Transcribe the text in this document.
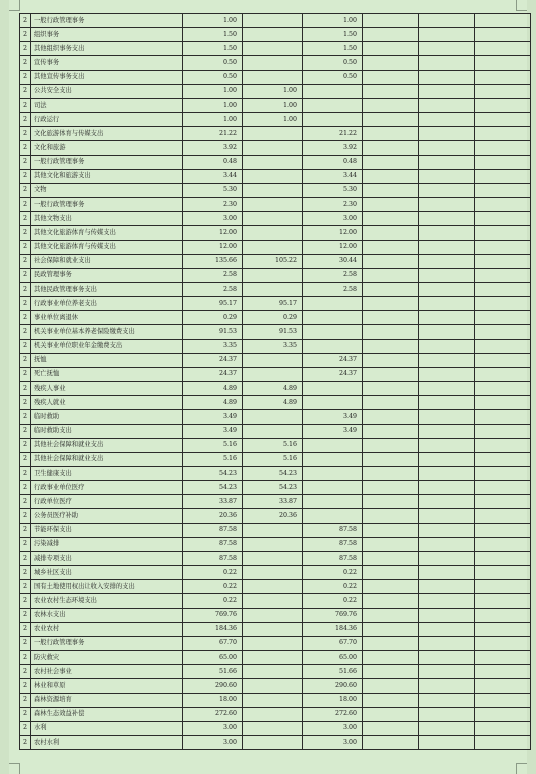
2	一般行政管理事务	1.00		1.00			
2	组织事务	1.50		1.50			
2	其他组织事务支出	1.50		1.50			
2	宣传事务	0.50		0.50			
2	其他宣传事务支出	0.50		0.50			
2	公共安全支出	1.00	1.00				
2	司法	1.00	1.00				
2	行政运行	1.00	1.00				
2	文化旅游体育与传媒支出	21.22		21.22			
2	文化和旅游	3.92		3.92			
2	一般行政管理事务	0.48		0.48			
2	其他文化和旅游支出	3.44		3.44			
2	文物	5.30		5.30			
2	一般行政管理事务	2.30		2.30			
2	其他文物支出	3.00		3.00			
2	其他文化旅游体育与传媒支出	12.00		12.00			
2	其他文化旅游体育与传媒支出	12.00		12.00			
2	社会保障和就业支出	135.66	105.22	30.44			
2	民政管理事务	2.58		2.58			
2	其他民政管理事务支出	2.58		2.58			
2	行政事业单位养老支出	95.17	95.17				
2	事业单位离退休	0.29	0.29				
2	机关事业单位基本养老保险缴费支出	91.53	91.53				
2	机关事业单位职业年金缴费支出	3.35	3.35				
2	抚恤	24.37		24.37			
2	死亡抚恤	24.37		24.37			
2	残疾人事业	4.89	4.89				
2	残疾人就业	4.89	4.89				
2	临时救助	3.49		3.49			
2	临时救助支出	3.49		3.49			
2	其他社会保障和就业支出	5.16	5.16				
2	其他社会保障和就业支出	5.16	5.16				
2	卫生健康支出	54.23	54.23				
2	行政事业单位医疗	54.23	54.23				
2	行政单位医疗	33.87	33.87				
2	公务员医疗补助	20.36	20.36				
2	节能环保支出	87.58		87.58			
2	污染减排	87.58		87.58			
2	减排专项支出	87.58		87.58			
2	城乡社区支出	0.22		0.22			
2	国有土地使用权出让收入安排的支出	0.22		0.22			
2	农业农村生态环境支出	0.22		0.22			
2	农林水支出	769.76		769.76			
2	农业农村	184.36		184.36			
2	一般行政管理事务	67.70		67.70			
2	防灾救灾	65.00		65.00			
2	农村社会事业	51.66		51.66			
2	林业和草原	290.60		290.60			
2	森林资源培育	18.00		18.00			
2	森林生态效益补偿	272.60		272.60			
2	水利	3.00		3.00			
2	农村水利	3.00		3.00			
